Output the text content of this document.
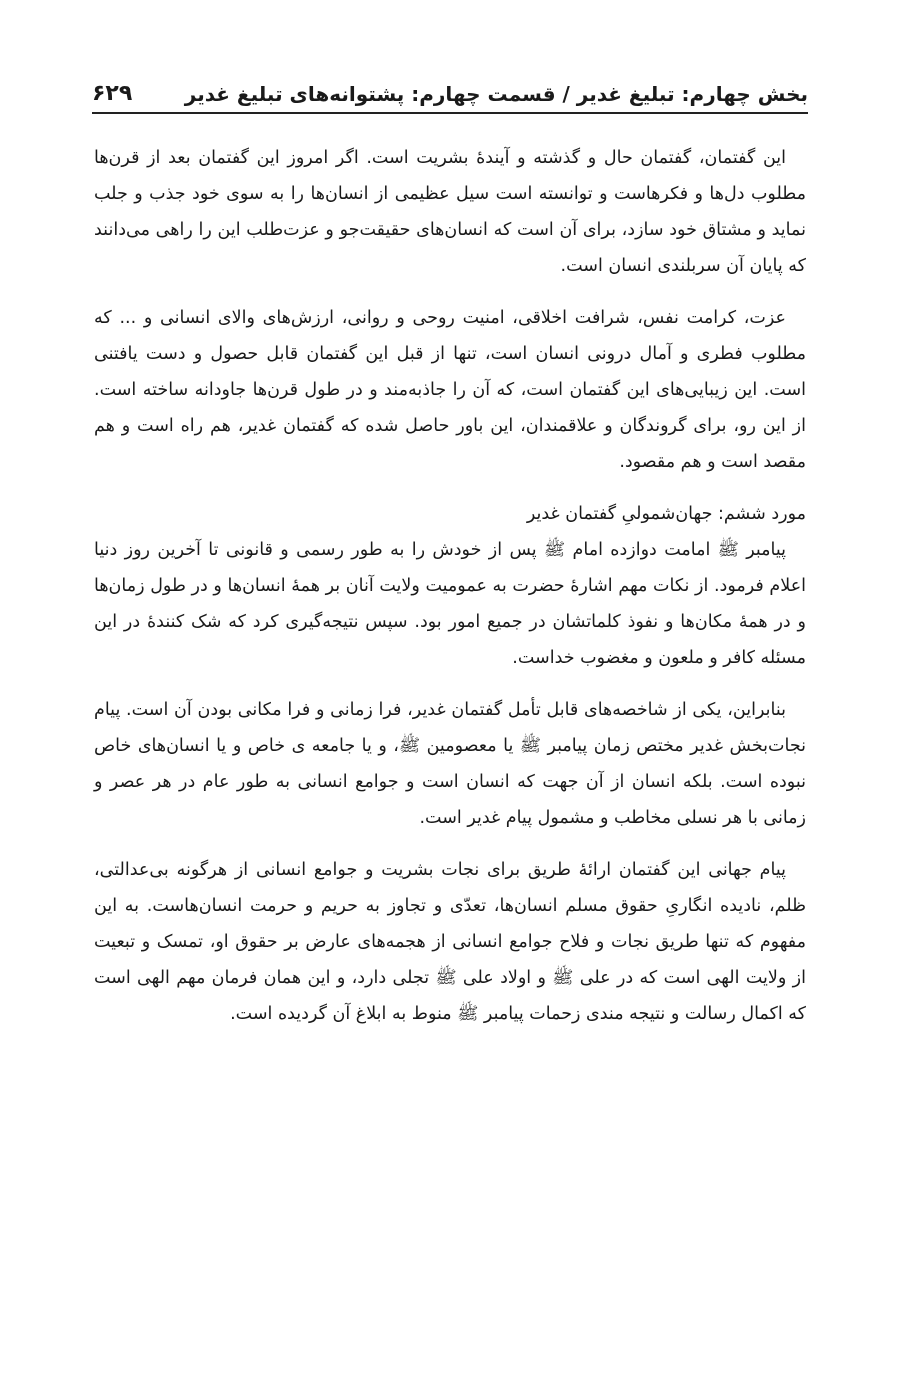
بخش چهارم: تبلیغ غدیر / قسمت چهارم: پشتوانه‌های تبلیغ غدیر
۶۲۹

این گفتمان، گفتمان حال و گذشته و آیندهٔ بشریت است. اگر امروز این گفتمان بعد از قرن‌ها مطلوب دل‌ها و فکرهاست و توانسته است سیل عظیمی از انسان‌ها را به سوی خود جذب و جلب نماید و مشتاق خود سازد، برای آن است که انسان‌های حقیقت‌جو و عزت‌طلب این را راهی می‌دانند که پایان آن سربلندی انسان است.

عزت، کرامت نفس، شرافت اخلاقی، امنیت روحی و روانی، ارزش‌های والای انسانی و ... که مطلوب فطری و آمال درونی انسان است، تنها از قبل این گفتمان قابل حصول و دست یافتنی است. این زیبایی‌های این گفتمان است، که آن را جاذبه‌مند و در طول قرن‌ها جاودانه ساخته است. از این رو، برای گروندگان و علاقمندان، این باور حاصل شده که گفتمان غدیر، هم راه است و هم مقصد است و هم مقصود.

مورد ششم: جهان‌شمولیِ گفتمان غدیر

پیامبر ﷺ امامت دوازده امام ﷺ پس از خودش را به طور رسمی و قانونی تا آخرین روز دنیا اعلام فرمود. از نکات مهم اشارهٔ حضرت به عمومیت ولایت آنان بر همهٔ انسان‌ها و در طول زمان‌ها و در همهٔ مکان‌ها و نفوذ کلماتشان در جمیع امور بود. سپس نتیجه‌گیری کرد که شک کنندهٔ در این مسئله کافر و ملعون و مغضوب خداست.

بنابراین، یکی از شاخصه‌های قابل تأمل گفتمان غدیر، فرا زمانی و فرا مکانی بودن آن است. پیام نجات‌بخش غدیر مختص زمان پیامبر ﷺ یا معصومین ﷺ، و یا جامعه ی خاص و یا انسان‌های خاص نبوده است. بلکه انسان از آن جهت که انسان است و جوامع انسانی به طور عام در هر عصر و زمانی با هر نسلی مخاطب و مشمول پیام غدیر است.

پیام جهانی این گفتمان ارائهٔ طریق برای نجات بشریت و جوامع انسانی از هرگونه بی‌عدالتی، ظلم، نادیده انگاریِ حقوق مسلم انسان‌ها، تعدّی و تجاوز به حریم و حرمت انسان‌هاست. به این مفهوم که تنها طریق نجات و فلاح جوامع انسانی از هجمه‌های عارض بر حقوق او، تمسک و تبعیت از ولایت الهی است که در علی ﷺ و اولاد علی ﷺ تجلی دارد، و این همان فرمان مهم الهی است که اکمال رسالت و نتیجه مندی زحمات پیامبر ﷺ منوط به ابلاغ آن گردیده است.
